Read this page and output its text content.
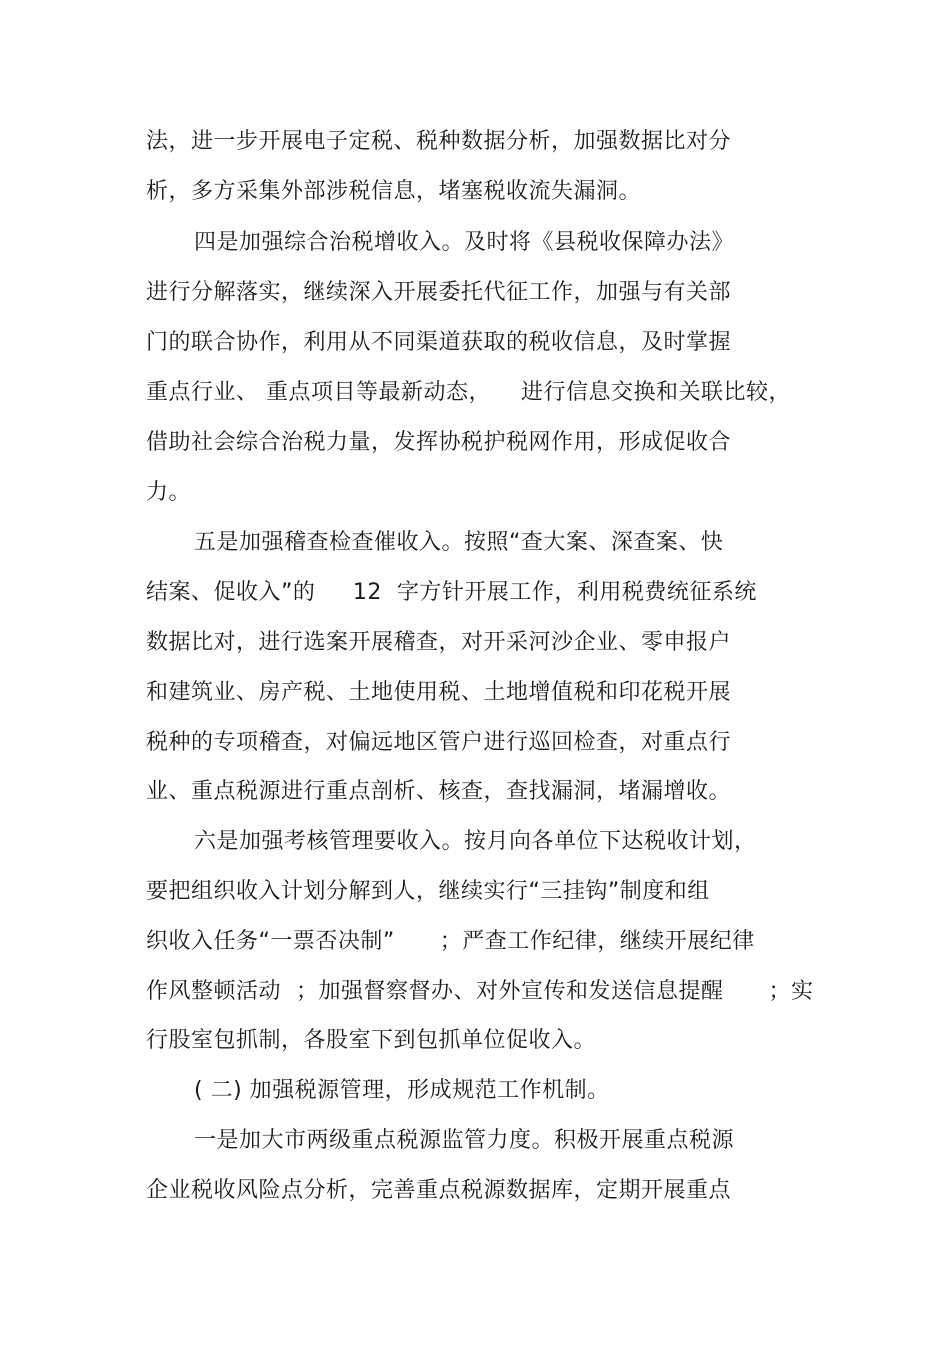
法，进一步开展电子定税、税种数据分析，加强数据比对分
析，多方采集外部涉税信息，堵塞税收流失漏洞。
四是加强综合治税增收入。及时将《县税收保障办法》
进行分解落实，继续深入开展委托代征工作，加强与有关部
门的联合协作，利用从不同渠道获取的税收信息，及时掌握
重点行业、 重点项目等最新动态，    进行信息交换和关联比较，
借助社会综合治税力量，发挥协税护税网作用，形成促收合
力。
五是加强稽查检查催收入。按照“查大案、深查案、快
结案、促收入”的     12  字方针开展工作，利用税费统征系统
数据比对，进行选案开展稽查，对开采河沙企业、零申报户
和建筑业、房产税、土地使用税、土地增值税和印花税开展
税种的专项稽查，对偏远地区管户进行巡回检查，对重点行
业、重点税源进行重点剖析、核查，查找漏洞，堵漏增收。
六是加强考核管理要收入。按月向各单位下达税收计划，
要把组织收入计划分解到人，继续实行“三挂钩”制度和组
织收入任务“一票否决制”      ；严查工作纪律，继续开展纪律
作风整顿活动  ；加强督察督办、对外宣传和发送信息提醒      ；实
行股室包抓制，各股室下到包抓单位促收入。
( 二) 加强税源管理，形成规范工作机制。
一是加大市两级重点税源监管力度。积极开展重点税源
企业税收风险点分析，完善重点税源数据库，定期开展重点
